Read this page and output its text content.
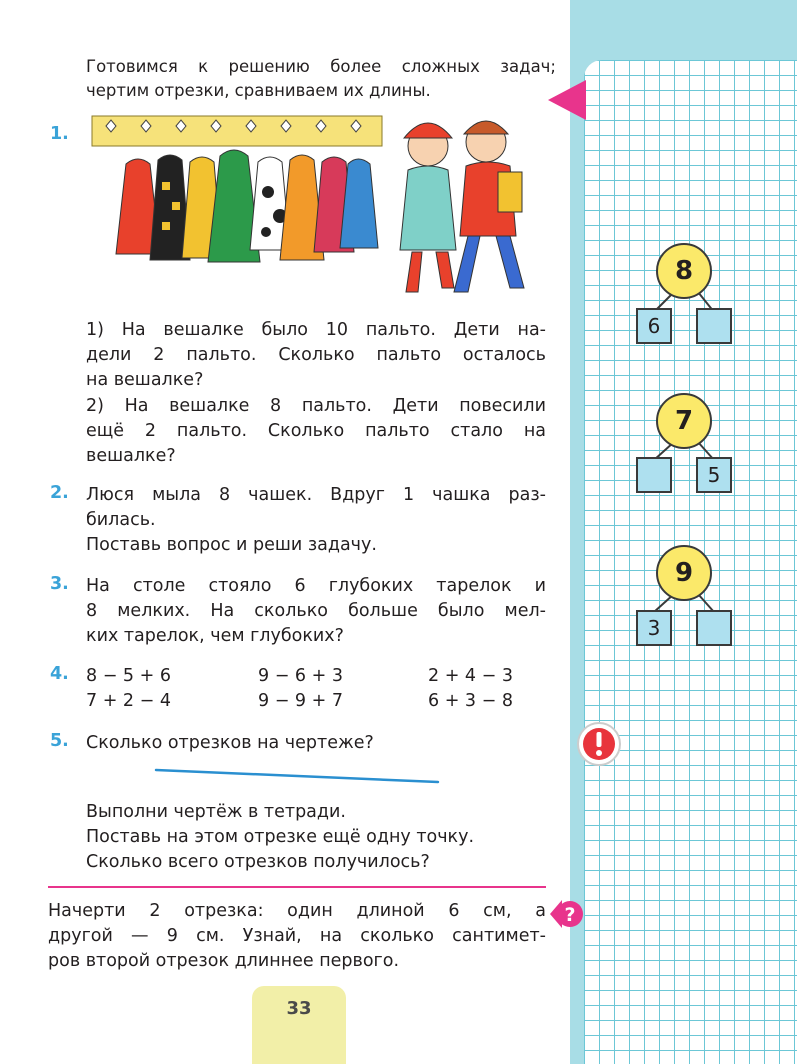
Готовимся к решению более сложных задач;
чертим отрезки, сравниваем их длины.
1.
1) На вешалке было 10 пальто. Дети на-
дели 2 пальто. Сколько пальто осталось
на вешалке?
2) На вешалке 8 пальто. Дети повесили
ещё 2 пальто. Сколько пальто стало на
вешалке?
2. Люся мыла 8 чашек. Вдруг 1 чашка раз-
билась.
Поставь вопрос и реши задачу.
3. На столе стояло 6 глубоких тарелок и
8 мелких. На сколько больше было мел-
ких тарелок, чем глубоких?
4. 8 − 5 + 6	9 − 6 + 3	2 + 4 − 3
7 + 2 − 4	9 − 9 + 7	6 + 3 − 8
5. Сколько отрезков на чертеже?
Выполни чертёж в тетради.
Поставь на этом отрезке ещё одну точку.
Сколько всего отрезков получилось?
Начерти 2 отрезка: один длиной 6 см, а
другой — 9 см. Узнай, на сколько сантимет-
ров второй отрезок длиннее первого.
33
8
6
7
5
9
3
?
